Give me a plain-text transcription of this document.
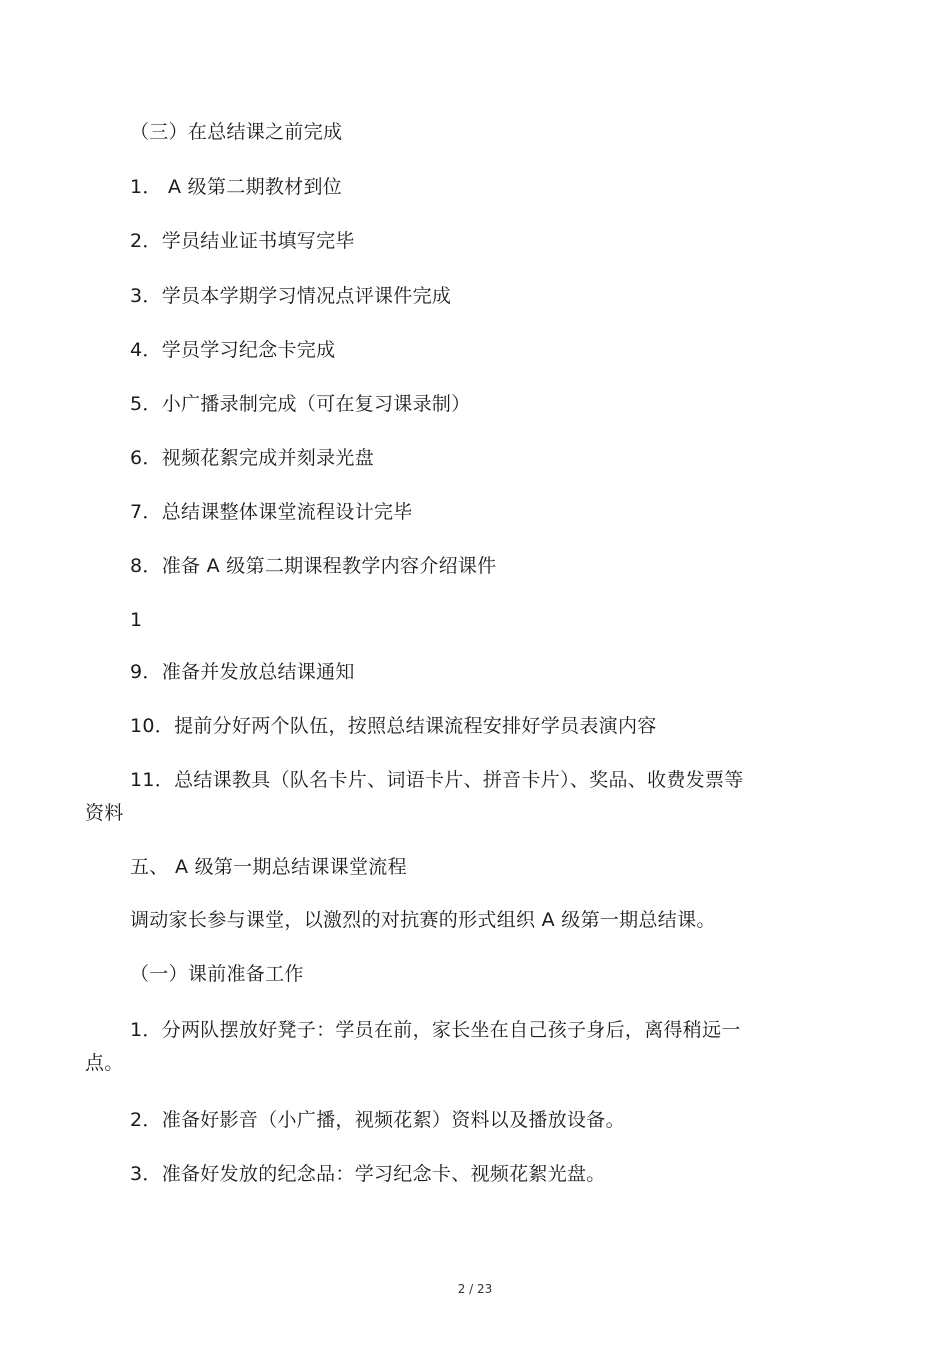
（三）在总结课之前完成
1． A 级第二期教材到位
2．学员结业证书填写完毕
3．学员本学期学习情况点评课件完成
4．学员学习纪念卡完成
5．小广播录制完成（可在复习课录制）
6．视频花絮完成并刻录光盘
7．总结课整体课堂流程设计完毕
8．准备 A 级第二期课程教学内容介绍课件
1
9．准备并发放总结课通知
10．提前分好两个队伍，按照总结课流程安排好学员表演内容
11．总结课教具（队名卡片、词语卡片、拼音卡片）、奖品、收费发票等
资料
五、 A 级第一期总结课课堂流程
调动家长参与课堂，以激烈的对抗赛的形式组织 A 级第一期总结课。
（一）课前准备工作
1．分两队摆放好凳子：学员在前，家长坐在自己孩子身后，离得稍远一
点。
2．准备好影音（小广播，视频花絮）资料以及播放设备。
3．准备好发放的纪念品：学习纪念卡、视频花絮光盘。
2 / 23
